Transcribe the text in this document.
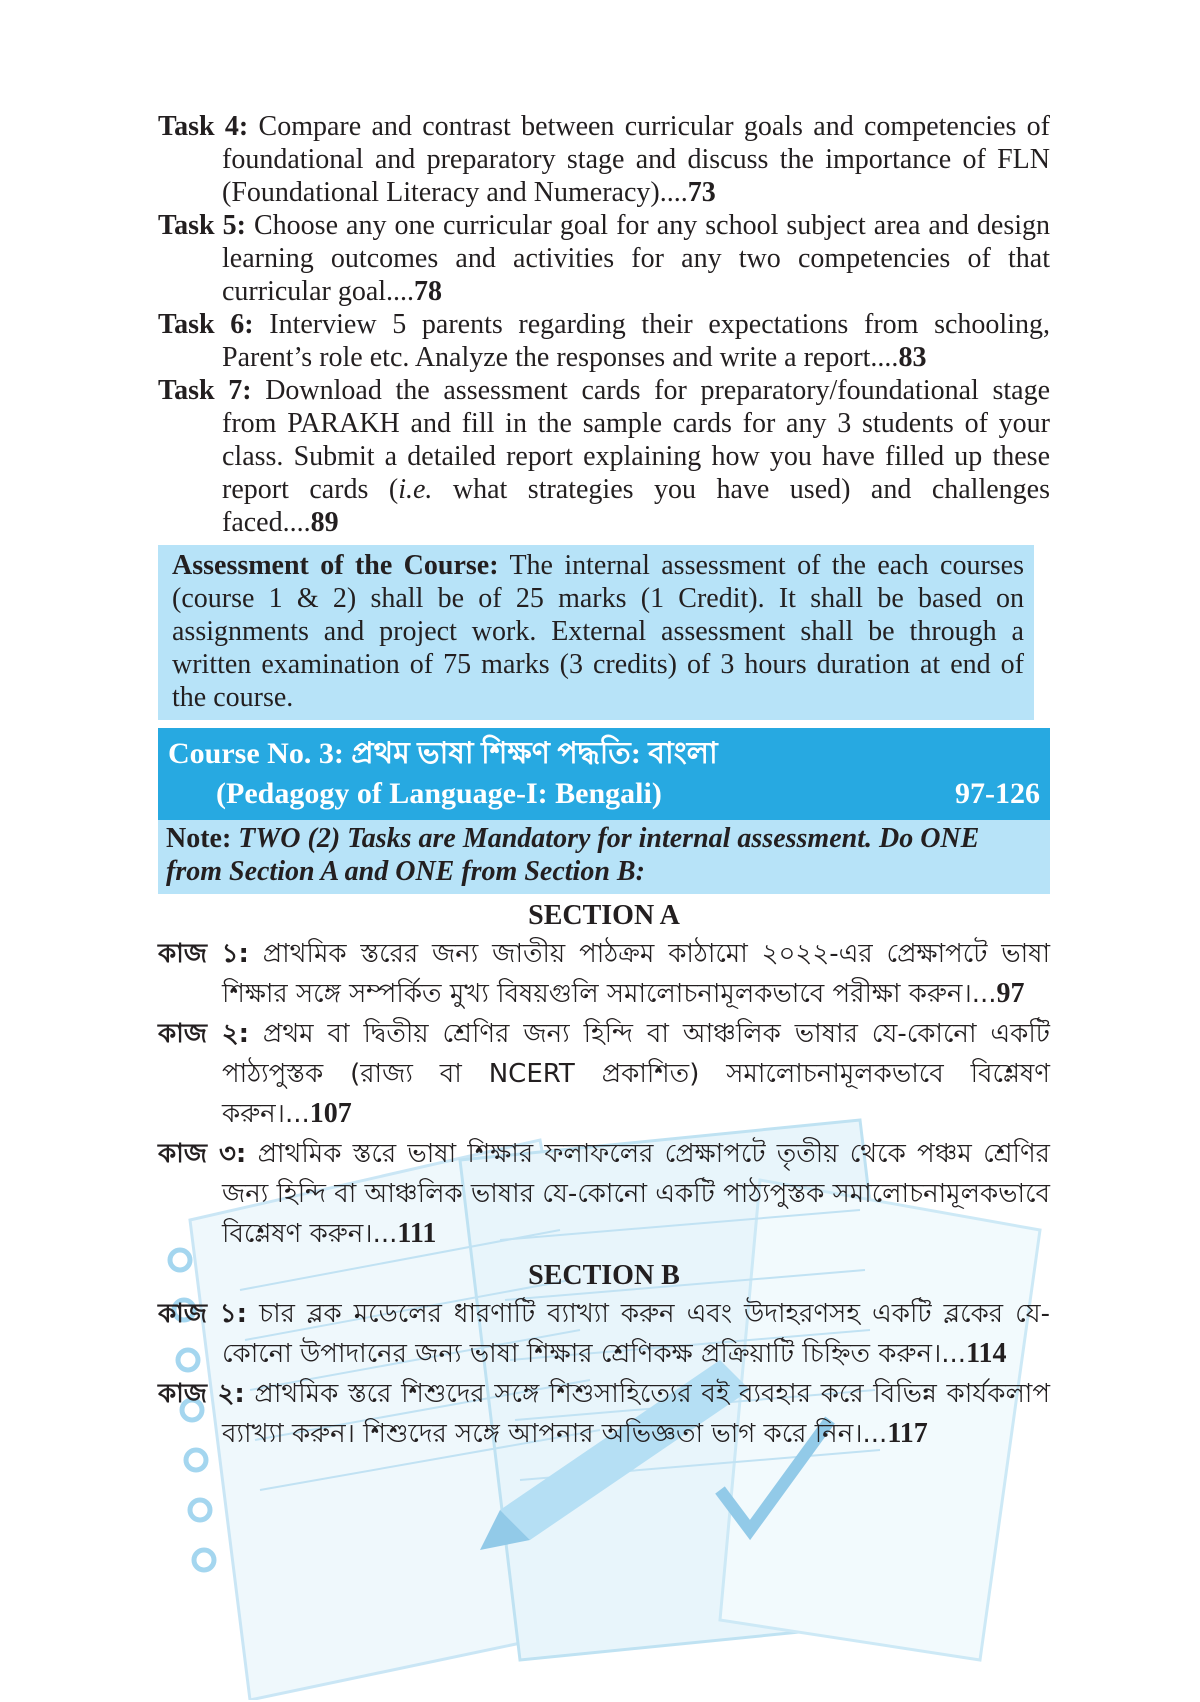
Task 4: Compare and contrast between curricular goals and competencies of foundational and preparatory stage and discuss the importance of FLN (Foundational Literacy and Numeracy)....73

Task 5: Choose any one curricular goal for any school subject area and design learning outcomes and activities for any two competencies of that curricular goal....78

Task 6: Interview 5 parents regarding their expectations from schooling, Parent’s role etc. Analyze the responses and write a report....83

Task 7: Download the assessment cards for preparatory/foundational stage from PARAKH and fill in the sample cards for any 3 students of your class. Submit a detailed report explaining how you have filled up these report cards (i.e. what strategies you have used) and challenges faced....89

Assessment of the Course: The internal assessment of the each courses (course 1 & 2) shall be of 25 marks (1 Credit). It shall be based on assignments and project work. External assessment shall be through a written examination of 75 marks (3 credits) of 3 hours duration at end of the course.
Course No. 3: প্রথম ভাষা শিক্ষণ পদ্ধতি: বাংলা
(Pedagogy of Language-I: Bengali)	97-126
Note: TWO (2) Tasks are Mandatory for internal assessment. Do ONE from Section A and ONE from Section B:
SECTION A

কাজ ১: প্রাথমিক স্তরের জন্য জাতীয় পাঠক্রম কাঠামো ২০২২-এর প্রেক্ষাপটে ভাষা শিক্ষার সঙ্গে সম্পর্কিত মুখ্য বিষয়গুলি সমালোচনামূলকভাবে পরীক্ষা করুন।...97

কাজ ২: প্রথম বা দ্বিতীয় শ্রেণির জন্য হিন্দি বা আঞ্চলিক ভাষার যে-কোনো একটি পাঠ্যপুস্তক (রাজ্য বা NCERT প্রকাশিত) সমালোচনামূলকভাবে বিশ্লেষণ করুন।...107

কাজ ৩: প্রাথমিক স্তরে ভাষা শিক্ষার ফলাফলের প্রেক্ষাপটে তৃতীয় থেকে পঞ্চম শ্রেণির জন্য হিন্দি বা আঞ্চলিক ভাষার যে-কোনো একটি পাঠ্যপুস্তক সমালোচনামূলকভাবে বিশ্লেষণ করুন।...111

SECTION B

কাজ ১: চার ব্লক মডেলের ধারণাটি ব্যাখ্যা করুন এবং উদাহরণসহ একটি ব্লকের যে-কোনো উপাদানের জন্য ভাষা শিক্ষার শ্রেণিকক্ষ প্রক্রিয়াটি চিহ্নিত করুন।...114

কাজ ২: প্রাথমিক স্তরে শিশুদের সঙ্গে শিশুসাহিত্যের বই ব্যবহার করে বিভিন্ন কার্যকলাপ ব্যাখ্যা করুন। শিশুদের সঙ্গে আপনার অভিজ্ঞতা ভাগ করে নিন।...117
